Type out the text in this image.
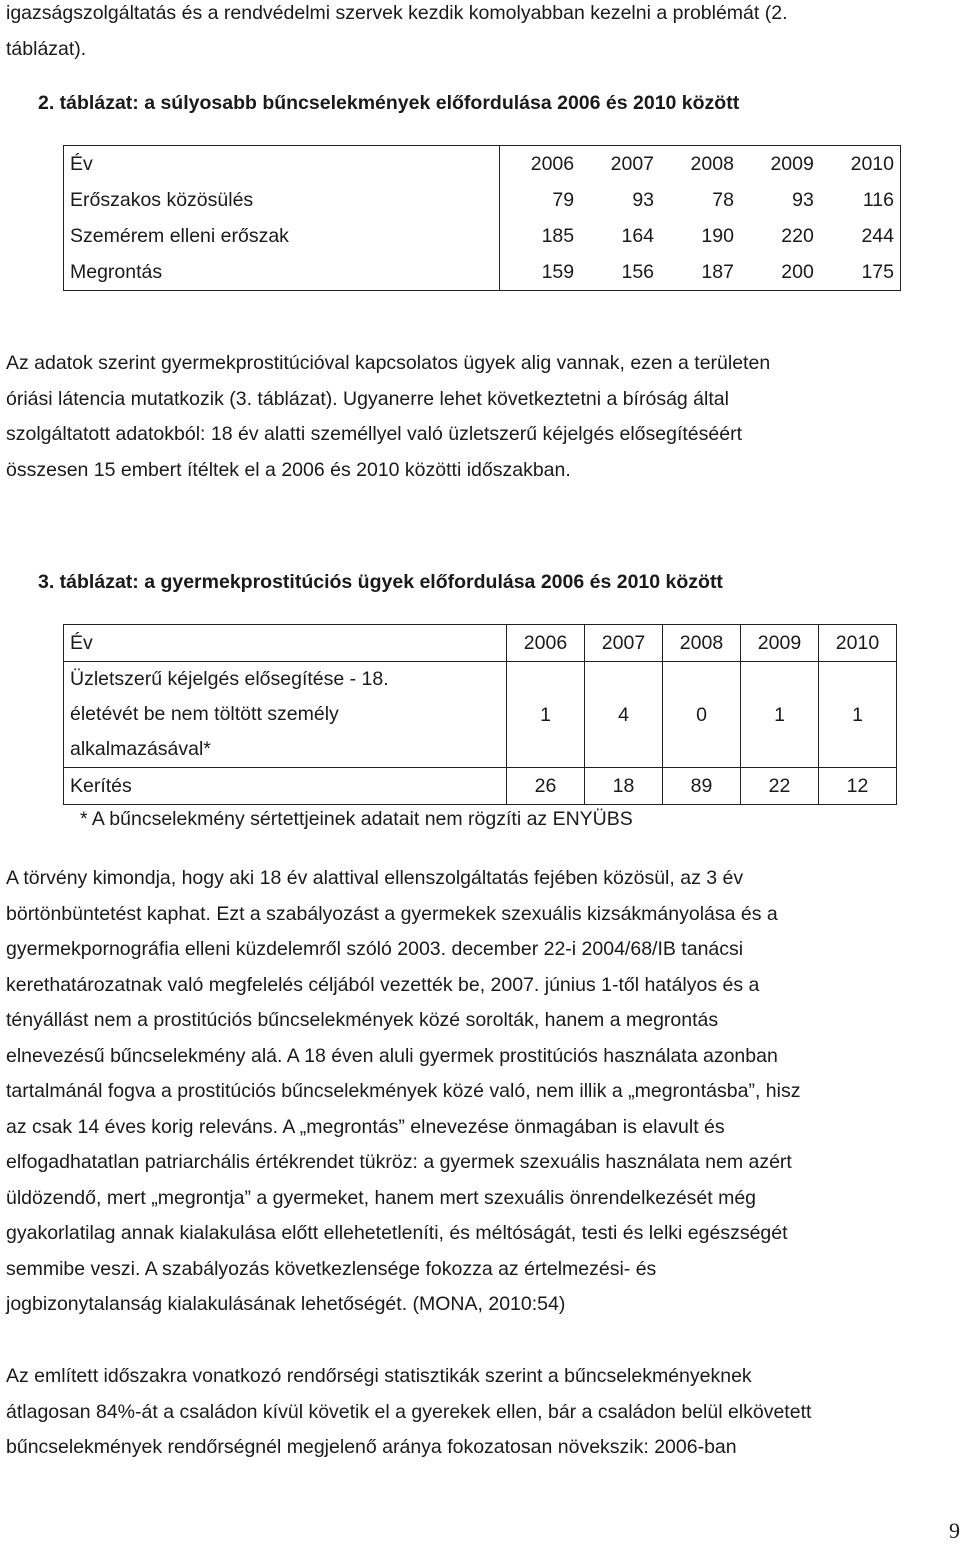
igazságszolgáltatás és a rendvédelmi szervek kezdik komolyabban kezelni a problémát (2.

táblázat).

2. táblázat: a súlyosabb bűncselekmények előfordulása 2006 és 2010 között

Év	2006	2007	2008	2009	2010
Erőszakos közösülés	79	93	78	93	116
Szemérem elleni erőszak	185	164	190	220	244
Megrontás	159	156	187	200	175

Az adatok szerint gyermekprostitúcióval kapcsolatos ügyek alig vannak, ezen a területen

óriási látencia mutatkozik (3. táblázat). Ugyanerre lehet következtetni a bíróság által

szolgáltatott adatokból: 18 év alatti személlyel való üzletszerű kéjelgés elősegítéséért

összesen 15 embert ítéltek el a 2006 és 2010 közötti időszakban.

3. táblázat: a gyermekprostitúciós ügyek előfordulása 2006 és 2010 között

Év	2006	2007	2008	2009	2010

Üzletszerű kéjelgés elősegítése - 18.
életévét be nem töltött személy
alkalmazásával*	1	4	0	1	1
Kerítés	26	18	89	22	12
* A bűncselekmény sértettjeinek adatait nem rögzíti az ENYÜBS

A törvény kimondja, hogy aki 18 év alattival ellenszolgáltatás fejében közösül, az 3 év

börtönbüntetést kaphat. Ezt a szabályozást a gyermekek szexuális kizsákmányolása és a

gyermekpornográfia elleni küzdelemről szóló 2003. december 22-i 2004/68/IB tanácsi

kerethatározatnak való megfelelés céljából vezették be, 2007. június 1-től hatályos és a

tényállást nem a prostitúciós bűncselekmények közé sorolták, hanem a megrontás

elnevezésű bűncselekmény alá. A 18 éven aluli gyermek prostitúciós használata azonban

tartalmánál fogva a prostitúciós bűncselekmények közé való, nem illik a „megrontásba”, hisz

az csak 14 éves korig releváns. A „megrontás” elnevezése önmagában is elavult és

elfogadhatatlan patriarchális értékrendet tükröz: a gyermek szexuális használata nem azért

üldözendő, mert „megrontja” a gyermeket, hanem mert szexuális önrendelkezését még

gyakorlatilag annak kialakulása előtt ellehetetleníti, és méltóságát, testi és lelki egészségét

semmibe veszi. A szabályozás következlensége fokozza az értelmezési- és

jogbizonytalanság kialakulásának lehetőségét. (MONA, 2010:54)

Az említett időszakra vonatkozó rendőrségi statisztikák szerint a bűncselekményeknek

átlagosan 84%-át a családon kívül követik el a gyerekek ellen, bár a családon belül elkövetett

bűncselekmények rendőrségnél megjelenő aránya fokozatosan növekszik: 2006-ban

9
